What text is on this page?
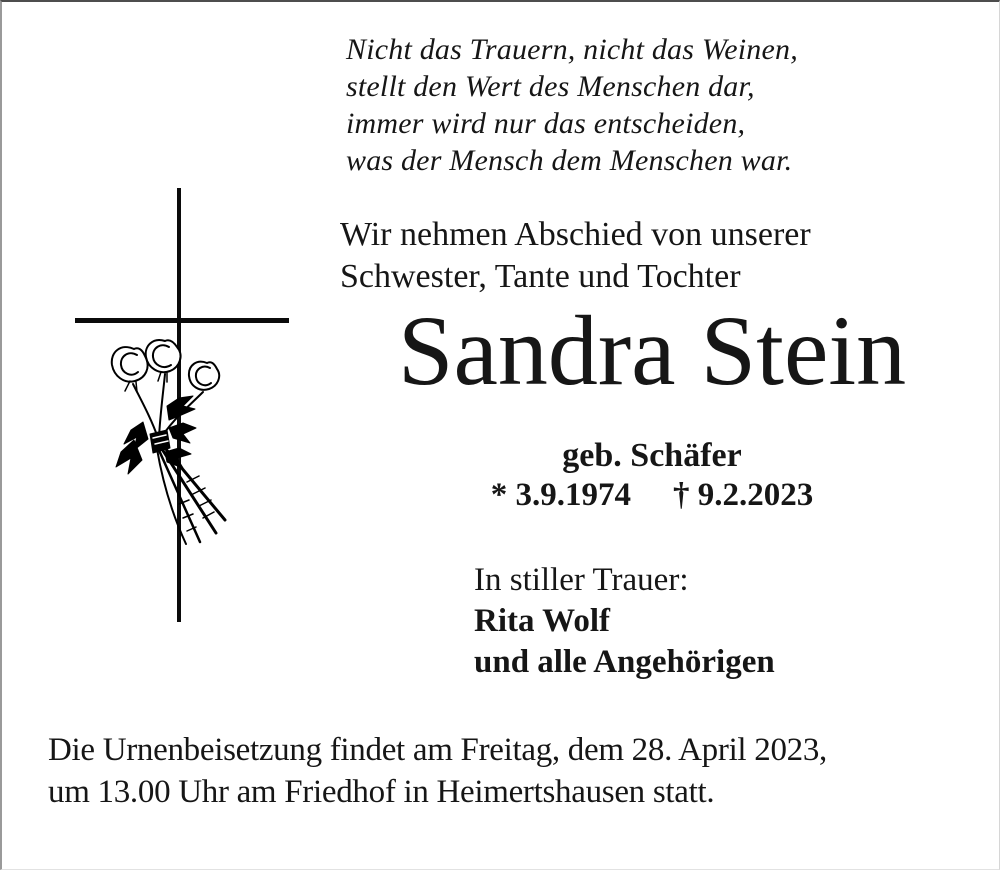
Nicht das Trauern, nicht das Weinen,
stellt den Wert des Menschen dar,
immer wird nur das entscheiden,
was der Mensch dem Menschen war.
Wir nehmen Abschied von unserer
Schwester, Tante und Tochter
Sandra Stein
geb. Schäfer
* 3.9.1974 † 9.2.2023
In stiller Trauer:
Rita Wolf
und alle Angehörigen
Die Urnenbeisetzung findet am Freitag, dem 28. April 2023,
um 13.00 Uhr am Friedhof in Heimertshausen statt.
